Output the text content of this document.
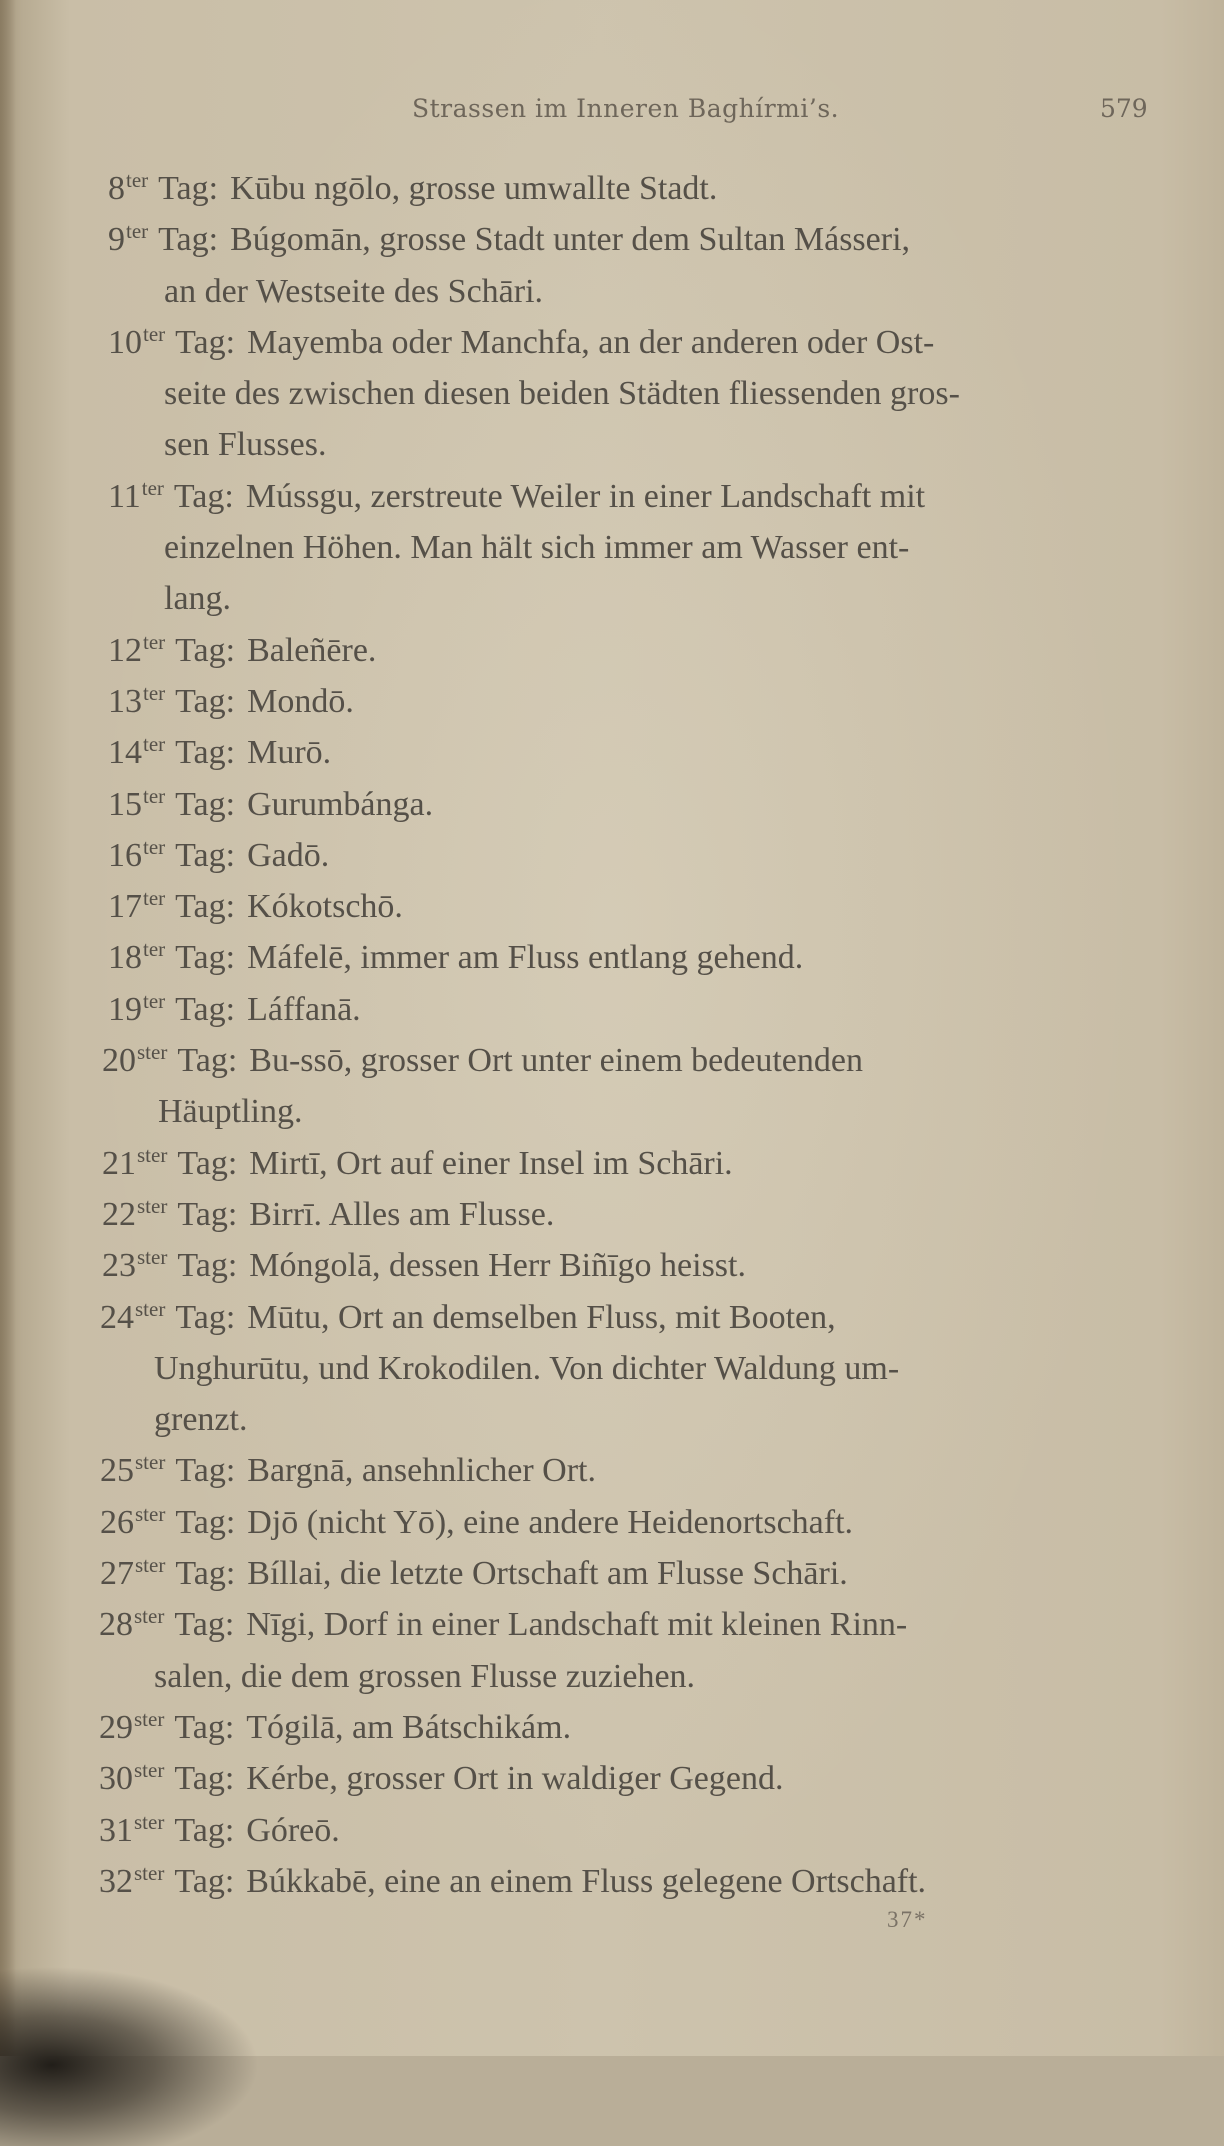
Strassen im Inneren Baghírmi’s.	579
$8^{ter}$ Tag: Kūbu ngōlo, grosse umwallte Stadt.
$9^{ter}$ Tag: Búgomān, grosse Stadt unter dem Sultan Másseri,
an der Westseite des Schāri.
$10^{ter}$ Tag: Mayemba oder Manchfa, an der anderen oder Ost-
seite des zwischen diesen beiden Städten fliessenden gros-
sen Flusses.
$11^{ter}$ Tag: Mússgu, zerstreute Weiler in einer Landschaft mit
einzelnen Höhen. Man hält sich immer am Wasser ent-
lang.
$12^{ter}$ Tag: Baleñēre.
$13^{ter}$ Tag: Mondō.
$14^{ter}$ Tag: Murō.
$15^{ter}$ Tag: Gurumbánga.
$16^{ter}$ Tag: Gadō.
$17^{ter}$ Tag: Kókotschō.
$18^{ter}$ Tag: Máfelē, immer am Fluss entlang gehend.
$19^{ter}$ Tag: Láffanā.
$20^{ster}$ Tag: Bu-ssō, grosser Ort unter einem bedeutenden
Häuptling.
$21^{ster}$ Tag: Mirtī, Ort auf einer Insel im Schāri.
$22^{ster}$ Tag: Birrī. Alles am Flusse.
$23^{ster}$ Tag: Móngolā, dessen Herr Biñīgo heisst.
$24^{ster}$ Tag: Mūtu, Ort an demselben Fluss, mit Booten,
Unghurūtu, und Krokodilen. Von dichter Waldung um-
grenzt.
$25^{ster}$ Tag: Bargnā, ansehnlicher Ort.
$26^{ster}$ Tag: Djō (nicht Yō), eine andere Heidenortschaft.
$27^{ster}$ Tag: Bíllai, die letzte Ortschaft am Flusse Schāri.
$28^{ster}$ Tag: Nīgi, Dorf in einer Landschaft mit kleinen Rinn-
salen, die dem grossen Flusse zuziehen.
$29^{ster}$ Tag: Tógilā, am Bátschikám.
$30^{ster}$ Tag: Kérbe, grosser Ort in waldiger Gegend.
$31^{ster}$ Tag: Góreō.
$32^{ster}$ Tag: Búkkabē, eine an einem Fluss gelegene Ortschaft.
37*
